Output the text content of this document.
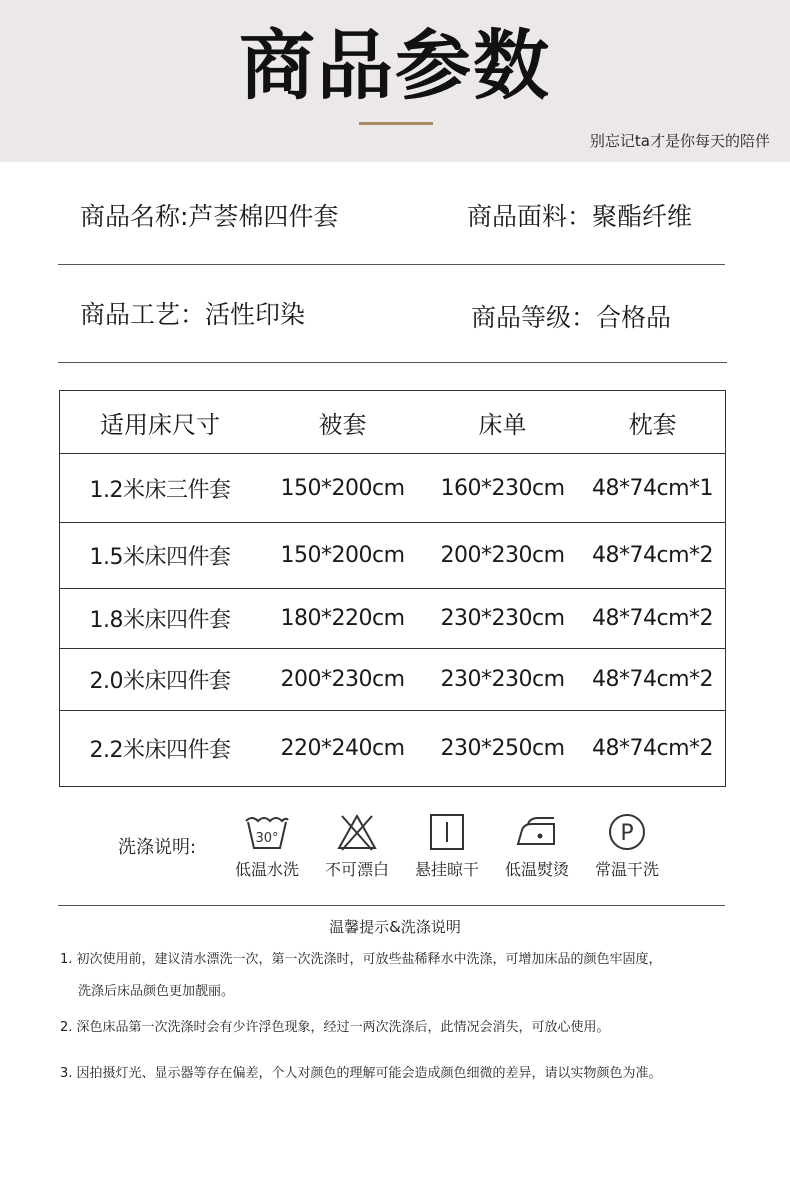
商品参数
别忘记ta才是你每天的陪伴
商品名称:芦荟棉四件套	商品面料：聚酯纤维
商品工艺：活性印染	商品等级：合格品
适用床尺寸	被套	床单	枕套
1.2米床三件套	150*200cm	160*230cm	48*74cm*1
1.5米床四件套	150*200cm	200*230cm	48*74cm*2
1.8米床四件套	180*220cm	230*230cm	48*74cm*2
2.0米床四件套	200*230cm	230*230cm	48*74cm*2
2.2米床四件套	220*240cm	230*250cm	48*74cm*2
洗涤说明:	30°
低温水洗	不可漂白	悬挂晾干	低温熨烫
P
常温干洗
温馨提示&洗涤说明
1. 初次使用前，建议清水漂洗一次，第一次洗涤时，可放些盐稀释水中洗涤，可增加床品的颜色牢固度，
洗涤后床品颜色更加靓丽。
2. 深色床品第一次洗涤时会有少许浮色现象，经过一两次洗涤后，此情况会消失，可放心使用。
3. 因拍摄灯光、显示器等存在偏差，个人对颜色的理解可能会造成颜色细微的差异，请以实物颜色为准。
